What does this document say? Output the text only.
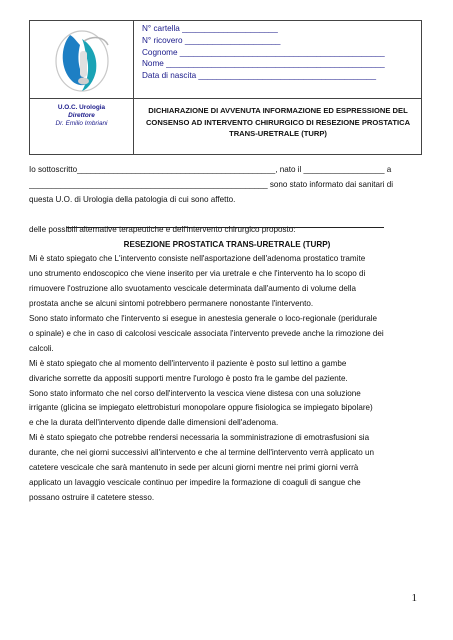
N° cartella _____________________
N° ricovero _____________________
Cognome _____________________________________________
Nome ________________________________________________
Data di nascita _______________________________________
U.O.C. Urologia
Direttore
Dr. Emilio Imbriani
DICHIARAZIONE DI AVVENUTA INFORMAZIONE ED ESPRESSIONE DEL
CONSENSO AD INTERVENTO CHIRURGICO DI RESEZIONE PROSTATICA
TRANS-URETRALE (TURP)

Io sottoscritto____________________________________________, nato il __________________ a

_____________________________________________________ sono stato informato dai sanitari di

questa U.O. di Urologia della patologia di cui sono affetto.

delle possibili alternative terapeutiche e dell'intervento chirurgico proposto:

RESEZIONE PROSTATICA TRANS-URETRALE (TURP)

Mi è stato spiegato che L'intervento consiste nell'asportazione dell'adenoma prostatico tramite

uno strumento endoscopico che viene inserito per via uretrale e che l'intervento ha lo scopo di

rimuovere l'ostruzione allo svuotamento vescicale determinata dall'aumento di volume della

prostata anche se alcuni sintomi potrebbero permanere nonostante l'intervento.

Sono stato informato che l'intervento si esegue in anestesia generale o loco-regionale (peridurale

o spinale) e che in caso di calcolosi vescicale associata l'intervento prevede anche la rimozione dei

calcoli.

Mi è stato spiegato che al momento dell'intervento il paziente è posto sul lettino a gambe

divariche sorrette da appositi supporti mentre l'urologo è posto fra le gambe del paziente.

Sono stato informato che nel corso dell'intervento la vescica viene distesa con una soluzione

irrigante (glicina se impiegato elettrobisturi monopolare oppure fisiologica se impiegato bipolare)

e che la durata dell'intervento dipende dalle dimensioni dell'adenoma.

Mi è stato spiegato che potrebbe rendersi necessaria la somministrazione di emotrasfusioni sia

durante, che nei giorni successivi all'intervento e che al termine dell'intervento verrà applicato un

catetere vescicale che sarà mantenuto in sede per alcuni giorni mentre nei primi giorni verrà

applicato un lavaggio vescicale continuo per impedire la formazione di coaguli di sangue che

possano ostruire il catetere stesso.

1
